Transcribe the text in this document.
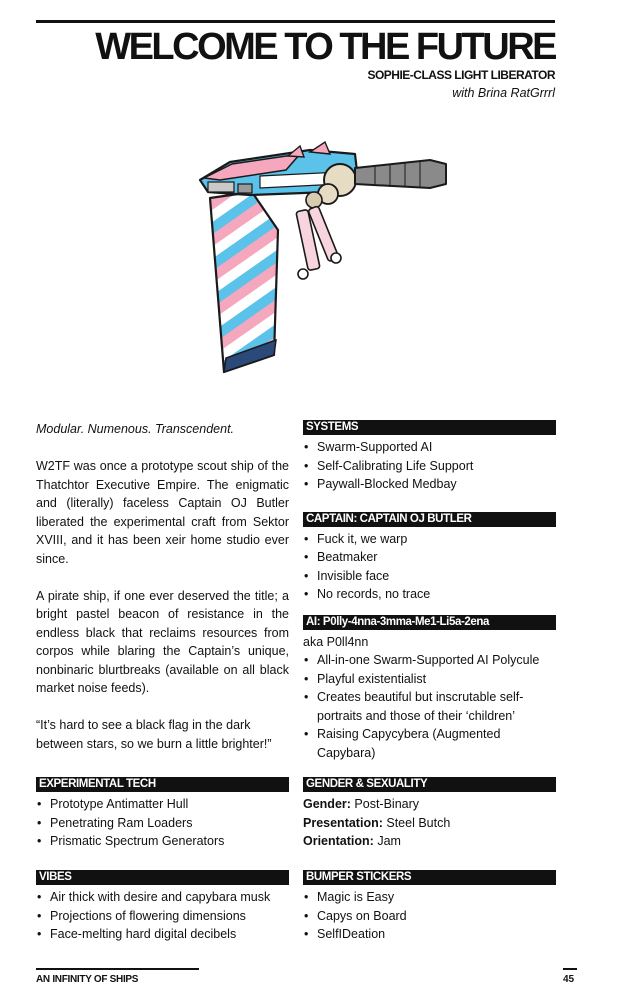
WELCOME TO THE FUTURE
SOPHIE-CLASS LIGHT LIBERATOR
with Brina RatGrrrl

Modular. Numenous. Transcendent.

W2TF was once a prototype scout ship of the Thatchtor Executive Empire. The enigmatic and (literally) faceless Captain OJ Butler liberated the experimental craft from Sektor XVIII, and it has been xeir home studio ever since.

A pirate ship, if one ever deserved the title; a bright pastel beacon of resistance in the endless black that reclaims resources from corpos while blaring the Captain’s unique, nonbinaric blurtbreaks (available on all black market noise feeds).

“It’s hard to see a black flag in the dark between stars, so we burn a little brighter!”

SYSTEMS
• Swarm-Supported AI
• Self-Calibrating Life Support
• Paywall-Blocked Medbay
CAPTAIN: CAPTAIN OJ BUTLER
• Fuck it, we warp
• Beatmaker
• Invisible face
• No records, no trace
AI: P0lly-4nna-3mma-Me1-Li5a-2ena
aka P0ll4nn
• All-in-one Swarm-Supported AI Polycule
• Playful existentialist
• Creates beautiful but inscrutable self-portraits and those of their ‘children’
• Raising Capycybera (Augmented Capybara)
EXPERIMENTAL TECH
• Prototype Antimatter Hull
• Penetrating Ram Loaders
• Prismatic Spectrum Generators
VIBES
• Air thick with desire and capybara musk
• Projections of flowering dimensions
• Face-melting hard digital decibels
GENDER & SEXUALITY
Gender: Post-Binary
Presentation: Steel Butch
Orientation: Jam
BUMPER STICKERS
• Magic is Easy
• Capys on Board
• SelfIDeation
AN INFINITY OF SHIPS	45
